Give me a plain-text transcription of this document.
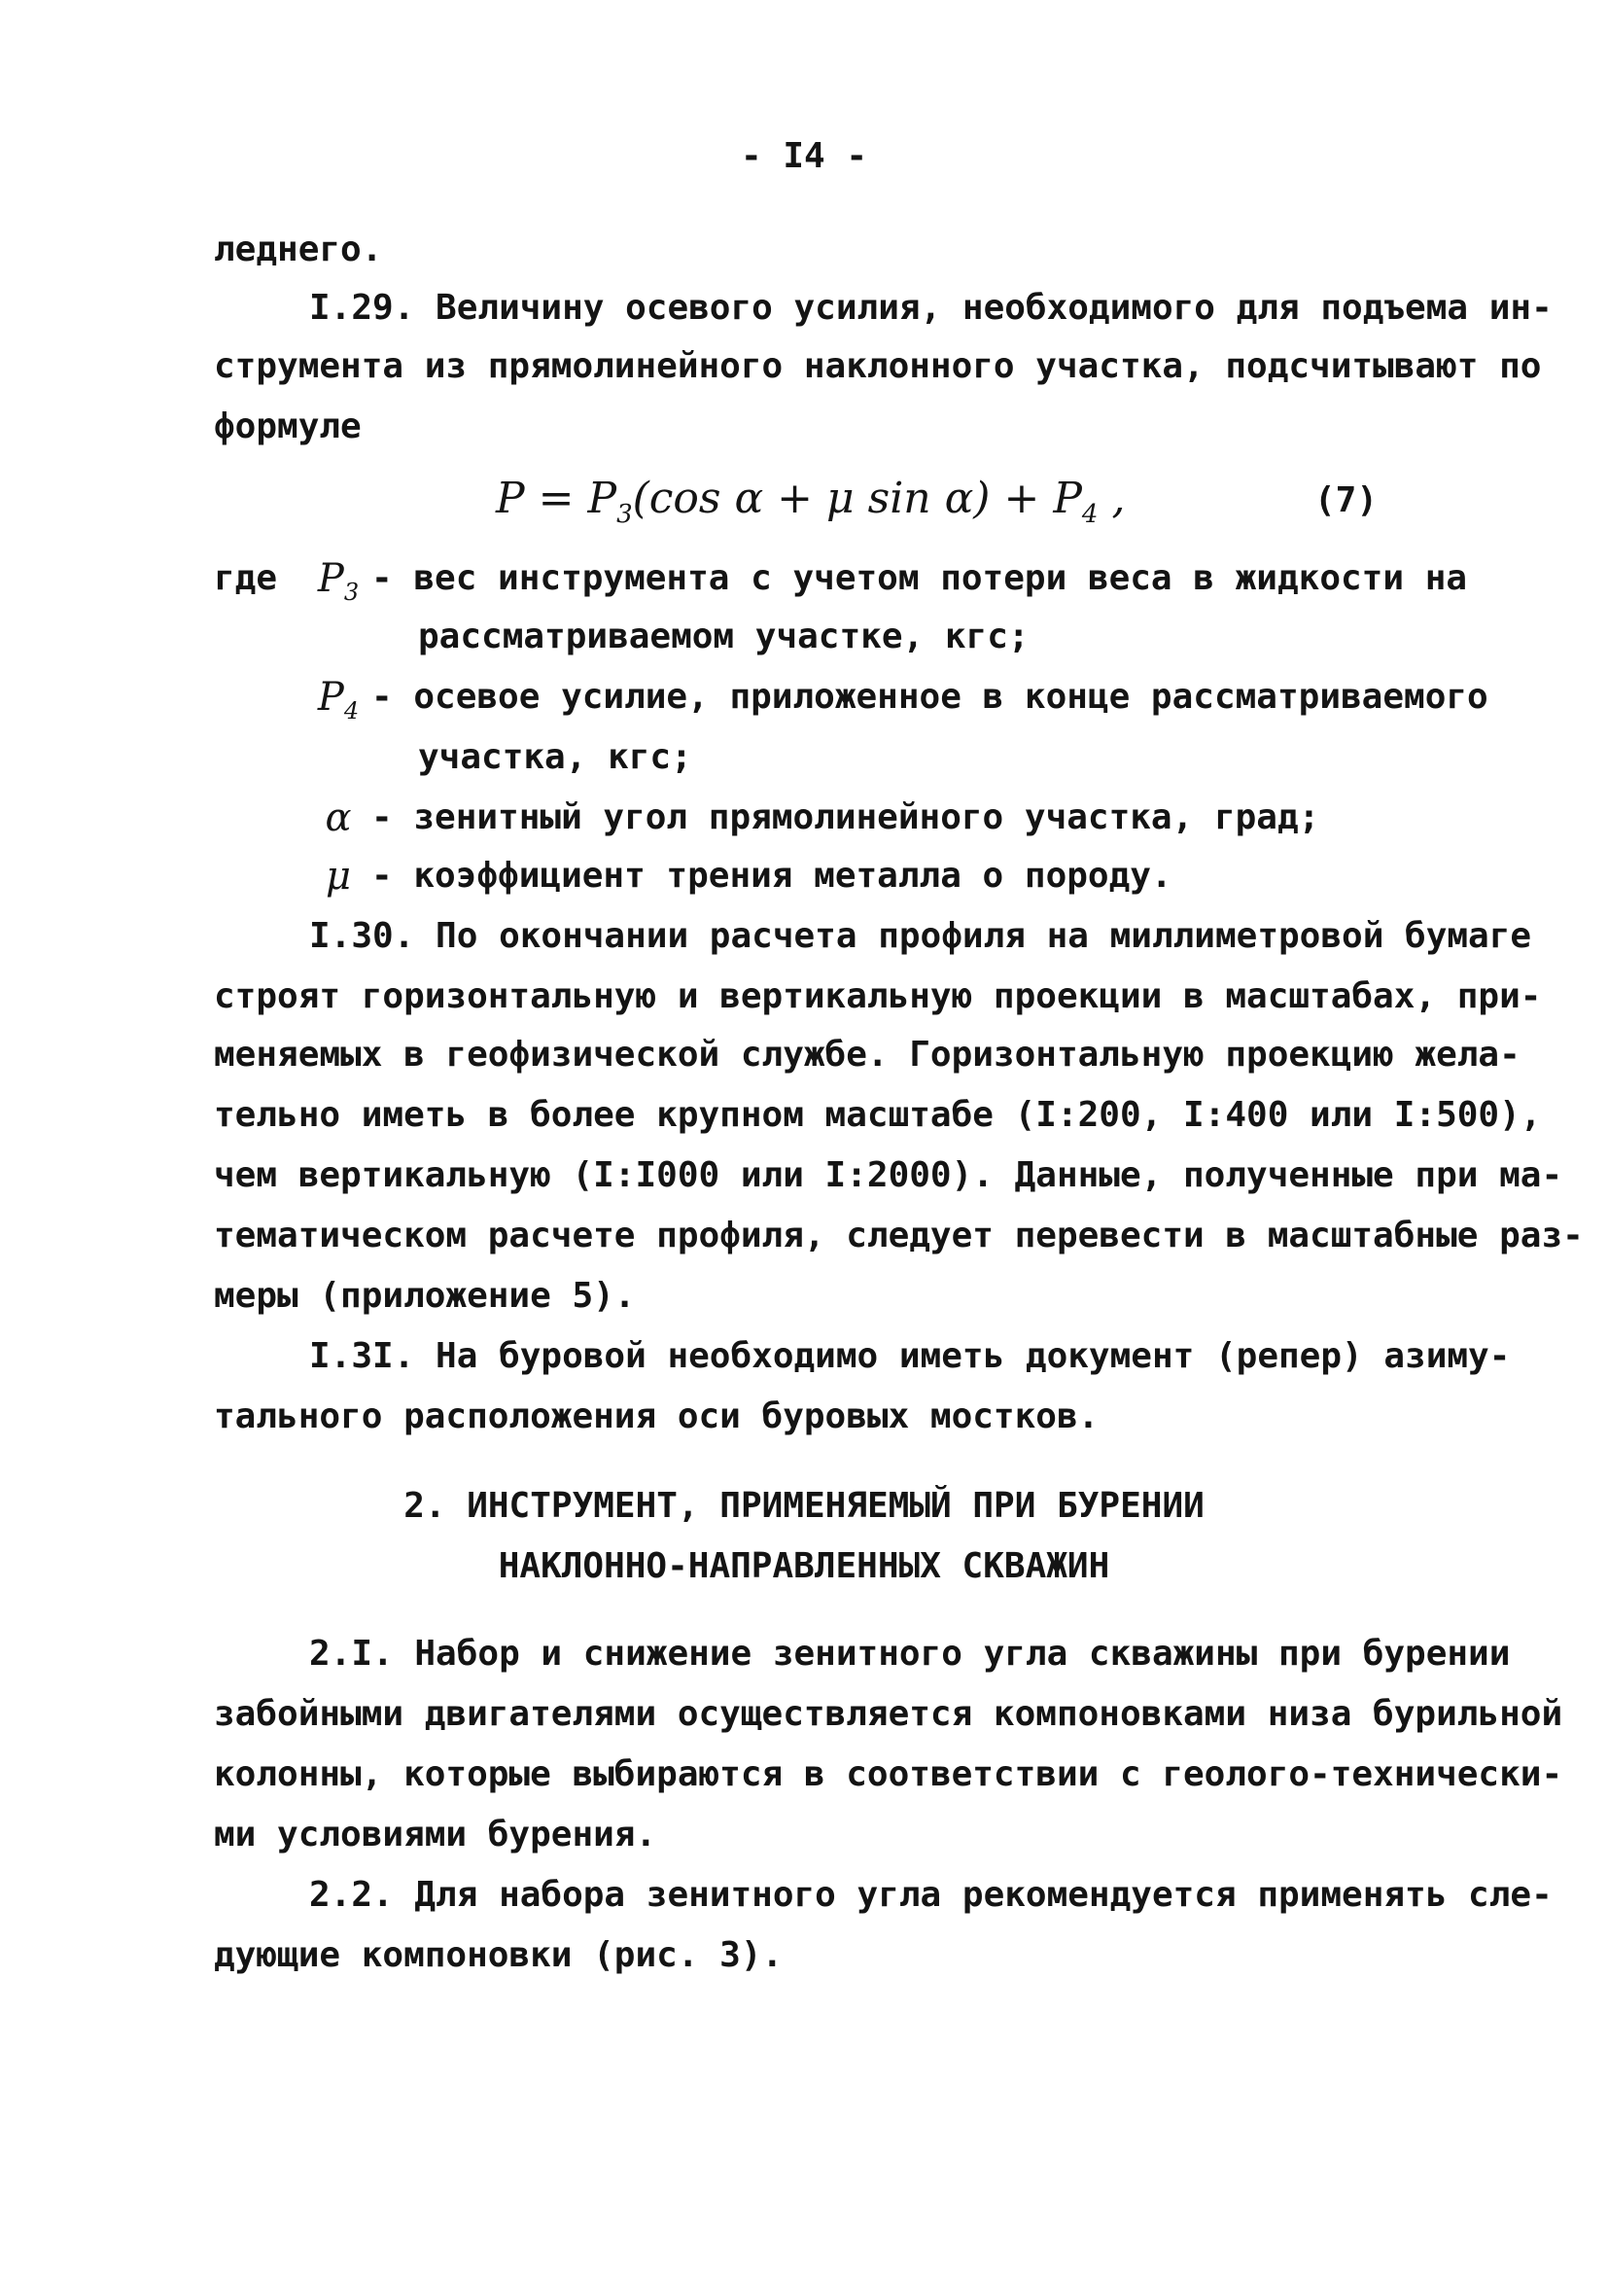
- I4 -
леднего.
I.29. Величину осевого усилия, необходимого для подъема ин-
струмента из прямолинейного наклонного участка, подсчитывают по
формуле
$P = P_3(\cos$ α + μ $\sin \alpha) + P_4$ ,	(7)
где $P_3$ - вес инструмента с учетом потери веса в жидкости на
рассматриваемом участке, кгс;
$P_4$ - осевое усилие, приложенное в конце рассматриваемого
участка, кгс;
α - зенитный угол прямолинейного участка, град;
μ - коэффициент трения металла о породу.
I.30. По окончании расчета профиля на миллиметровой бумаге
строят горизонтальную и вертикальную проекции в масштабах, при-
меняемых в геофизической службе. Горизонтальную проекцию жела-
тельно иметь в более крупном масштабе (I:200, I:400 или I:500),
чем вертикальную (I:I000 или I:2000). Данные, полученные при ма-
тематическом расчете профиля, следует перевести в масштабные раз-
меры (приложение 5).
I.3I. На буровой необходимо иметь документ (репер) азиму-
тального расположения оси буровых мостков.
2. ИНСТРУМЕНТ, ПРИМЕНЯЕМЫЙ ПРИ БУРЕНИИ
НАКЛОННО-НАПРАВЛЕННЫХ СКВАЖИН
2.I. Набор и снижение зенитного угла скважины при бурении
забойными двигателями осуществляется компоновками низа бурильной
колонны, которые выбираются в соответствии с геолого-технически-
ми условиями бурения.
2.2. Для набора зенитного угла рекомендуется применять сле-
дующие компоновки (рис. 3).
